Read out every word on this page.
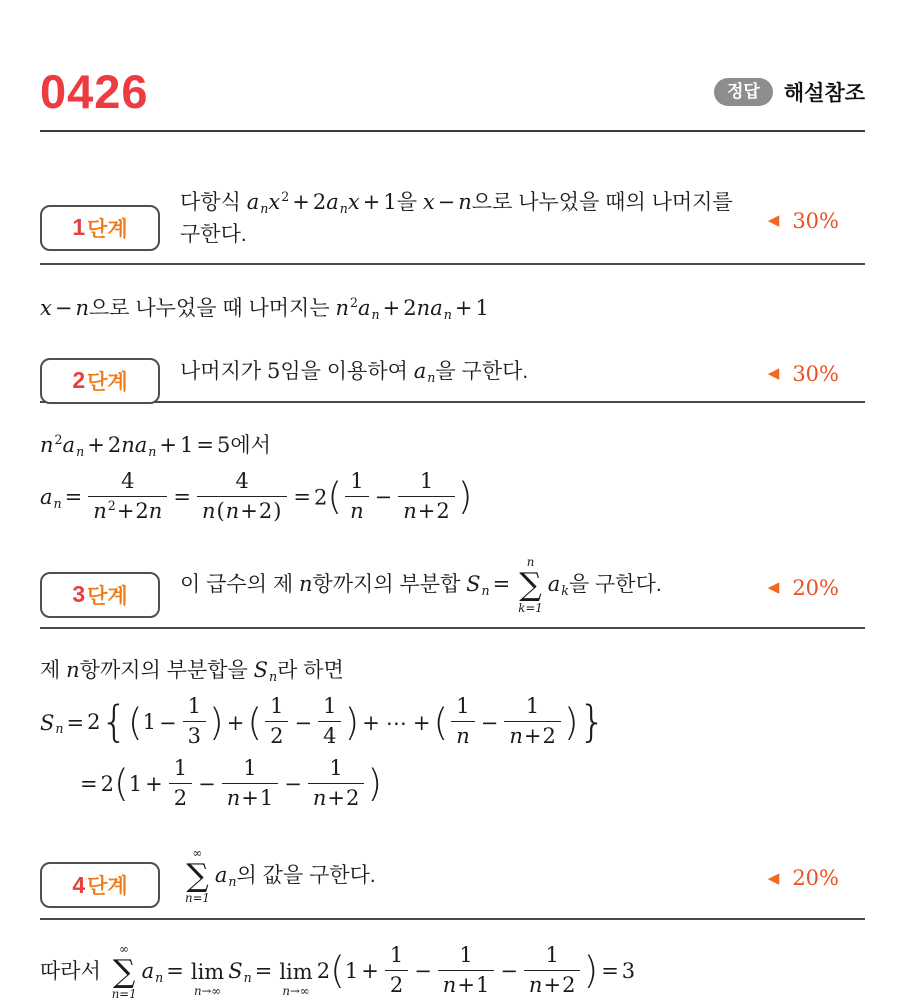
0426	정답	해설참조
1 단계
다항식 anx$^2$ + 2anx + 1을 x − n으로 나누었을 때의 나머지를
구한다.
◀ 30%
x − n으로 나누었을 때 나머지는 $n^2an + 2nan + 1$
2 단계 나머지가 5임을 이용하여 an을 구한다.	◀ 30%
$n^2an + 2nan + 1 = 5$에서
an = $\frac{4}{n^2+2n} = \frac{4}{n(n+2)} = 2( \frac{1}{n} - \frac{1}{n+2}$ )
3 단계 이 급수의 제 n항까지의 부분합 Sn =
n
∑
k=1
ak을 구한다.	◀ 20%
제 n항까지의 부분합을 Sn라 하면
$Sn = 2\{(1 - \frac{1}{3}$ ) +( $\frac{1}{2} - \frac{1}{4}$ ) + ⋯ +( $\frac{1}{n} - \frac{1}{n+2}$ )}
= $2(1 + \frac{1}{2} - \frac{1}{n+1} - \frac{1}{n+2}$ )
4 단계
∞
∑
n=1
an의 값을 구한다.	◀ 20%
따라서
∞
∑
n=1
an = lim
n→∞
Sn = lim
n→∞
$2(1 + \frac{1}{2} - \frac{1}{n+1} - \frac{1}{n+2}$ ) = 3
